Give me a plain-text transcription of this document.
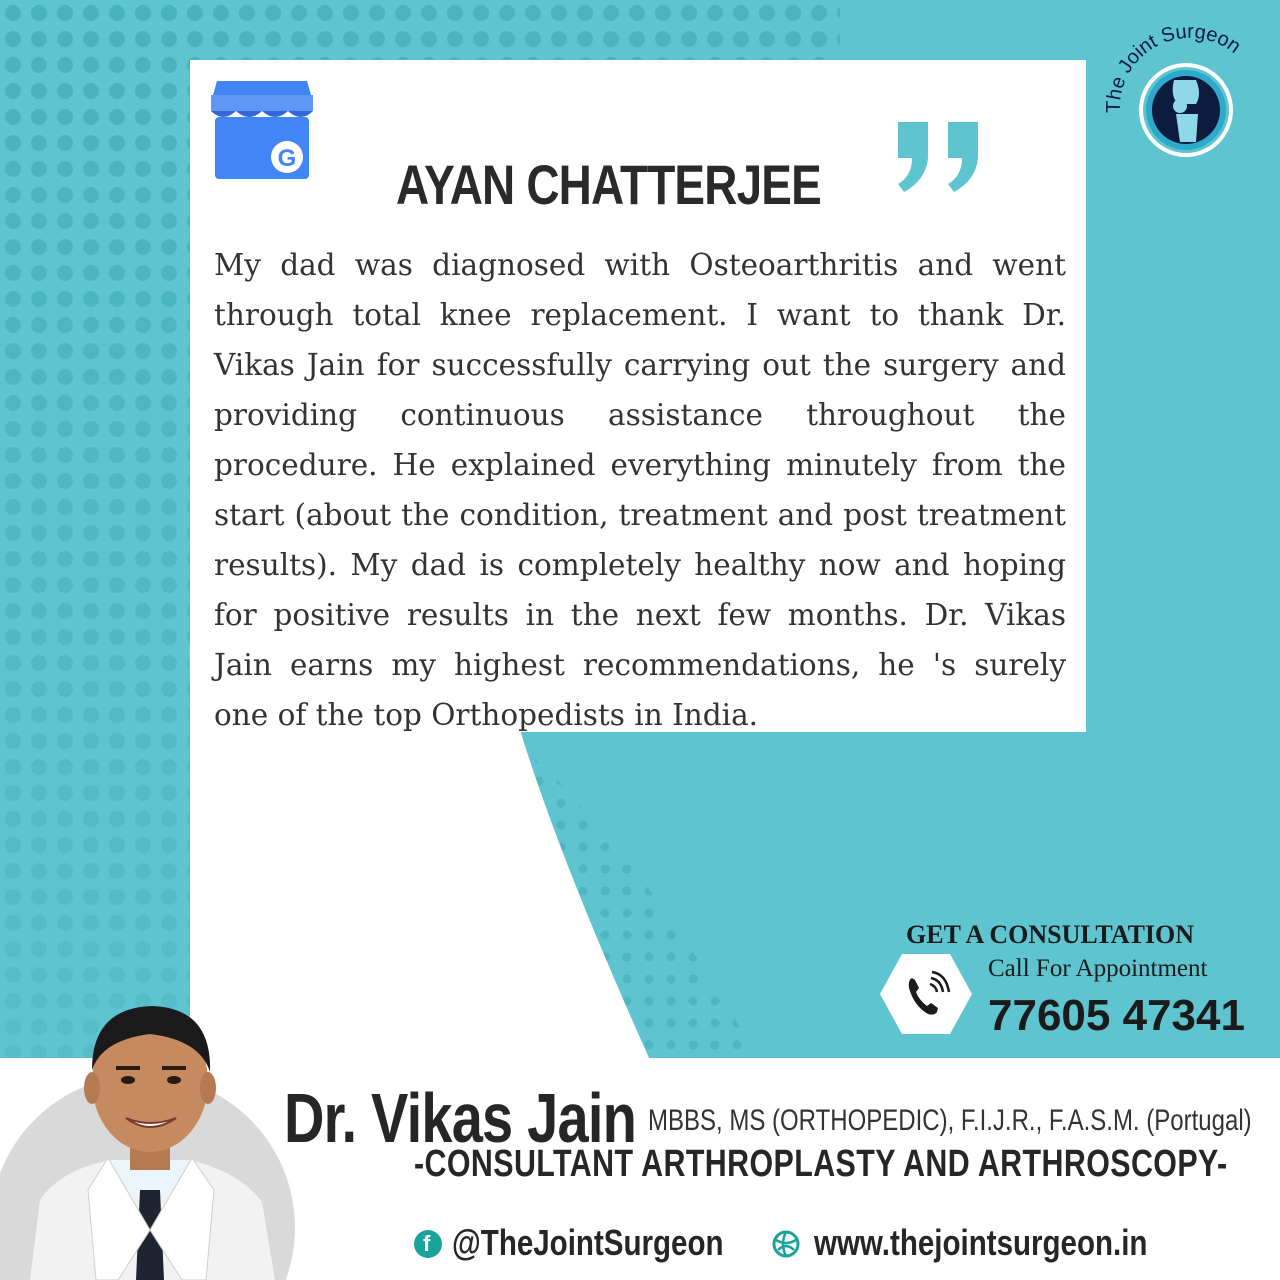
G AYAN CHATTERJEE

My dad was diagnosed with Osteoarthritis and went through total knee replacement. I want to thank Dr. Vikas Jain for successfully carrying out the surgery and providing continuous assistance throughout the procedure. He explained everything minutely from the start (about the condition, treatment and post treatment results). My dad is completely healthy now and hoping for positive results in the next few months. Dr. Vikas Jain earns my highest recommendations, he 's surely one of the top Orthopedists in India.

The Joint Surgeon
GET A CONSULTATION
Call For Appointment
77605 47341
Dr. Vikas Jain MBBS, MS (ORTHOPEDIC), F.I.J.R., F.A.S.M. (Portugal)
-CONSULTANT ARTHROPLASTY AND ARTHROSCOPY-
f @TheJointSurgeon	www.thejointsurgeon.in
